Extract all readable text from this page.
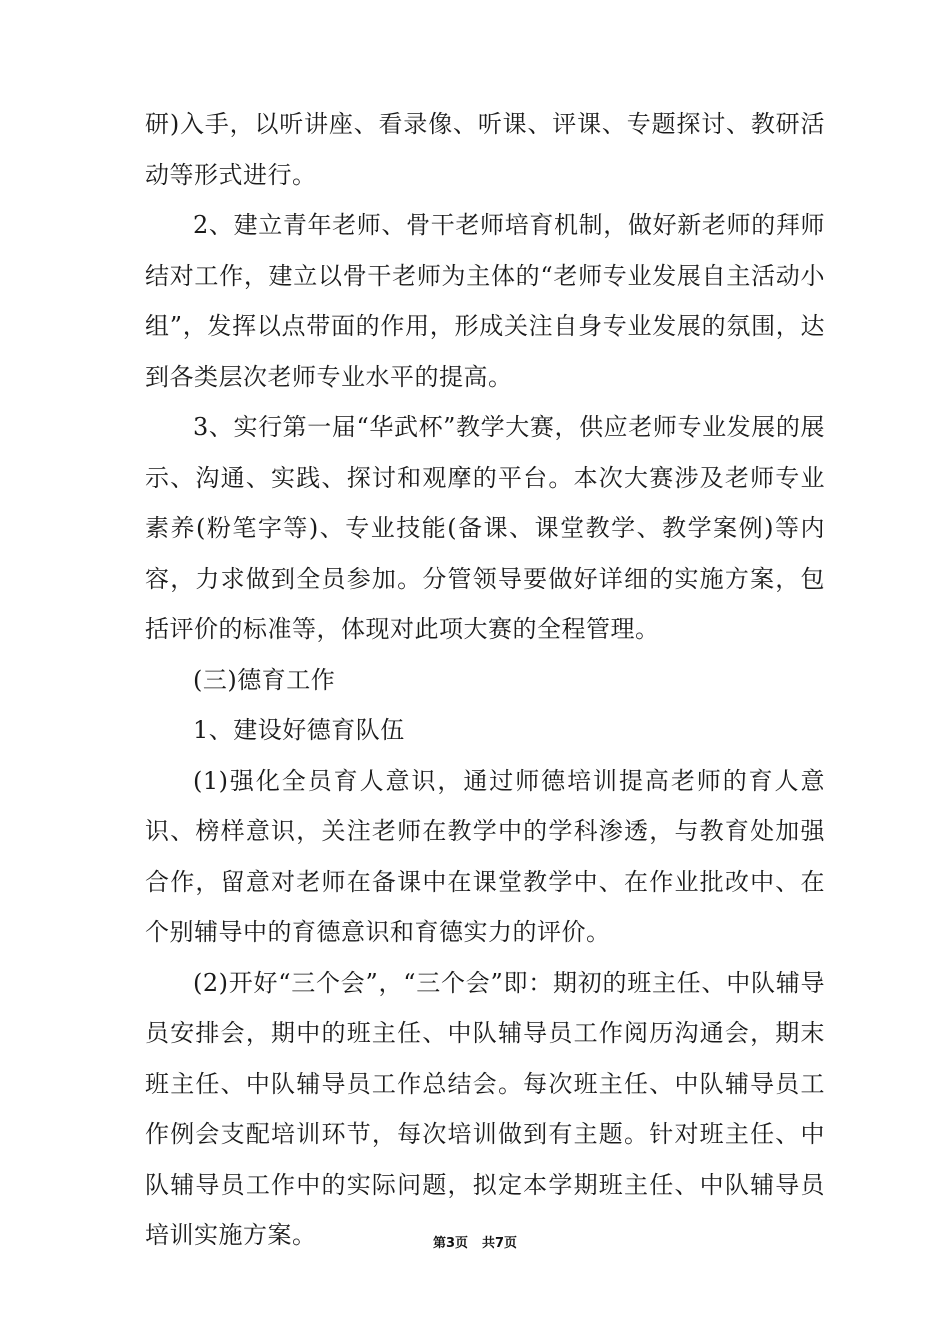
研)入手，以听讲座、看录像、听课、评课、专题探讨、教研活动等形式进行。

2、建立青年老师、骨干老师培育机制，做好新老师的拜师结对工作，建立以骨干老师为主体的“老师专业发展自主活动小组”，发挥以点带面的作用，形成关注自身专业发展的氛围，达到各类层次老师专业水平的提高。

3、实行第一届“华武杯”教学大赛，供应老师专业发展的展示、沟通、实践、探讨和观摩的平台。本次大赛涉及老师专业素养(粉笔字等)、专业技能(备课、课堂教学、教学案例)等内容，力求做到全员参加。分管领导要做好详细的实施方案，包括评价的标准等，体现对此项大赛的全程管理。

(三)德育工作

1、建设好德育队伍

(1)强化全员育人意识，通过师德培训提高老师的育人意识、榜样意识，关注老师在教学中的学科渗透，与教育处加强合作，留意对老师在备课中在课堂教学中、在作业批改中、在个别辅导中的育德意识和育德实力的评价。

(2)开好“三个会”，“三个会”即：期初的班主任、中队辅导员安排会，期中的班主任、中队辅导员工作阅历沟通会，期末班主任、中队辅导员工作总结会。每次班主任、中队辅导员工作例会支配培训环节，每次培训做到有主题。针对班主任、中队辅导员工作中的实际问题，拟定本学期班主任、中队辅导员培训实施方案。	第3页 共7页
